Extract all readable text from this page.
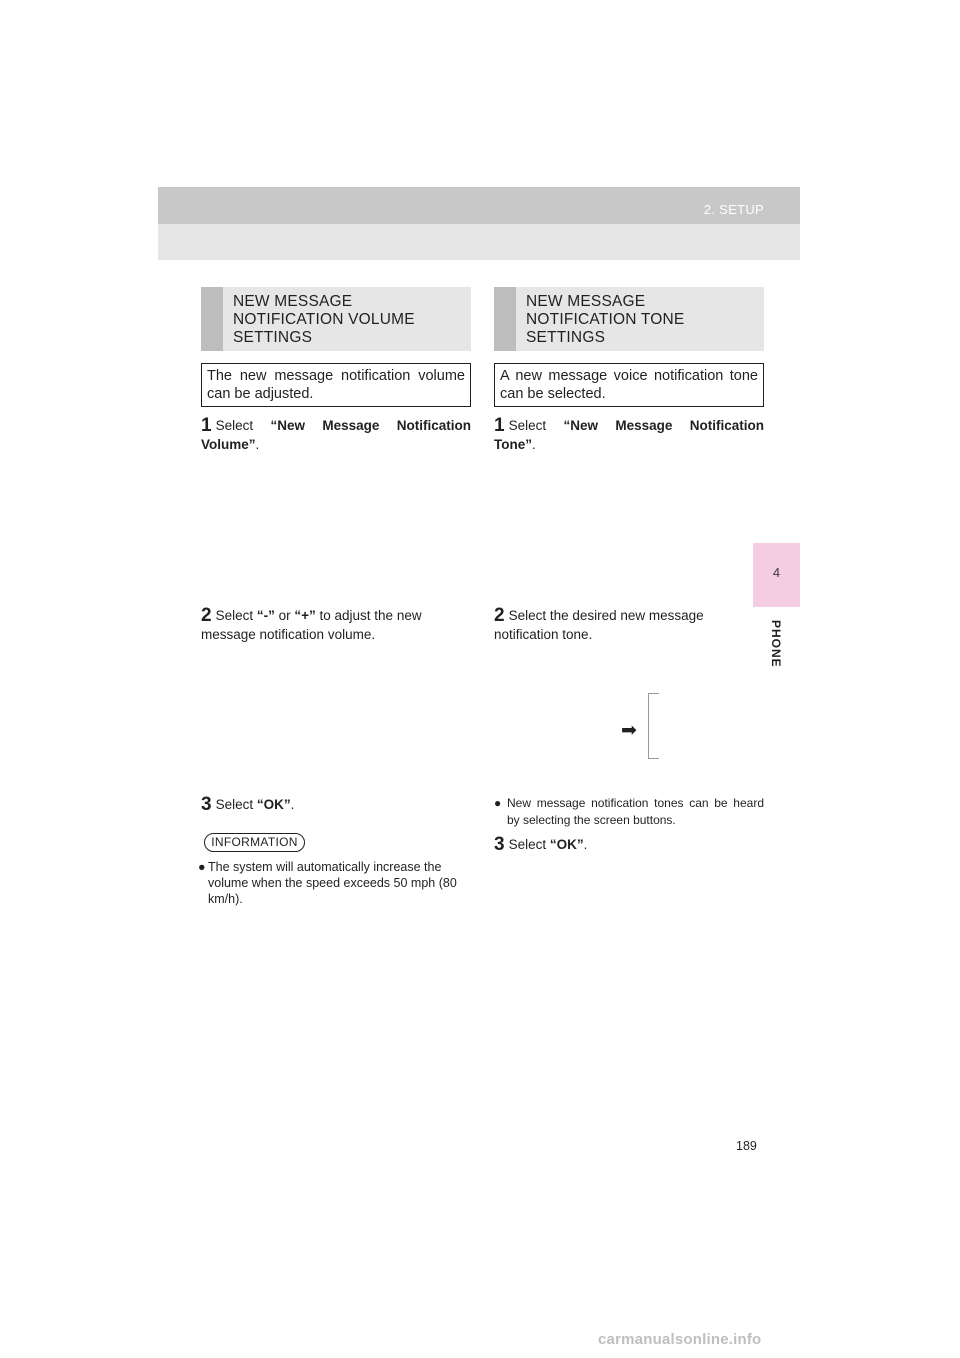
2. SETUP
4
PHONE
NEW MESSAGE NOTIFICATION VOLUME SETTINGS
The new message notification volume can be adjusted.
1 Select “New Message Notification Volume”.
2 Select “-” or “+” to adjust the new message notification volume.
3 Select “OK”.
INFORMATION
● The system will automatically increase the volume when the speed exceeds 50 mph (80 km/h).
NEW MESSAGE NOTIFICATION TONE SETTINGS
A new message voice notification tone can be selected.
1 Select “New Message Notification Tone”.
2 Select the desired new message notification tone.
➡
● New message notification tones can be heard by selecting the screen buttons.
3 Select “OK”.
189
carmanualsonline.info
